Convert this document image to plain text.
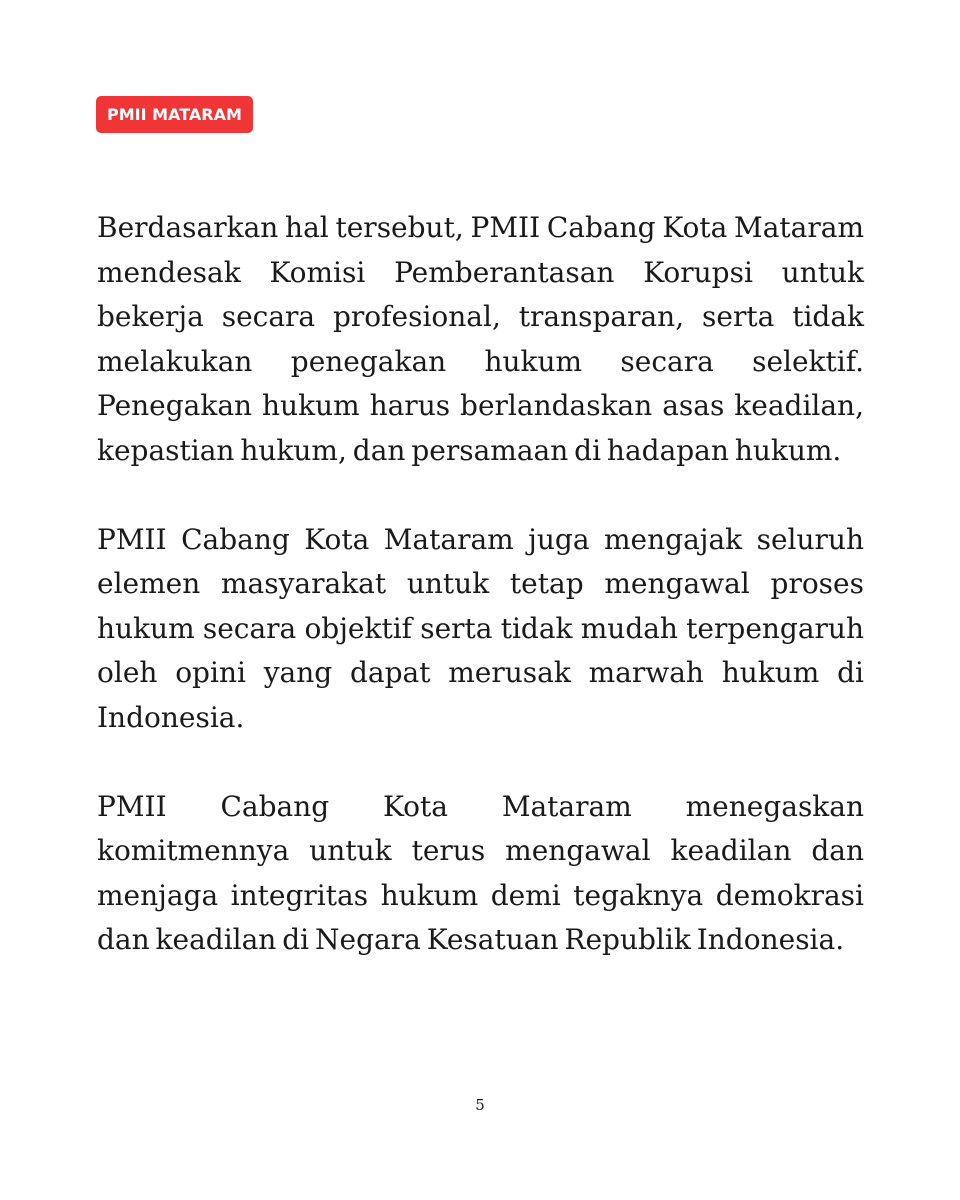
PMII MATARAM

Berdasarkan hal tersebut, PMII Cabang Kota Mataram mendesak Komisi Pemberantasan Korupsi untuk bekerja secara profesional, transparan, serta tidak melakukan penegakan hukum secara selektif. Penegakan hukum harus berlandaskan asas keadilan, kepastian hukum, dan persamaan di hadapan hukum.

PMII Cabang Kota Mataram juga mengajak seluruh elemen masyarakat untuk tetap mengawal proses hukum secara objektif serta tidak mudah terpengaruh oleh opini yang dapat merusak marwah hukum di Indonesia.

PMII Cabang Kota Mataram menegaskan komitmennya untuk terus mengawal keadilan dan menjaga integritas hukum demi tegaknya demokrasi dan keadilan di Negara Kesatuan Republik Indonesia.

5
